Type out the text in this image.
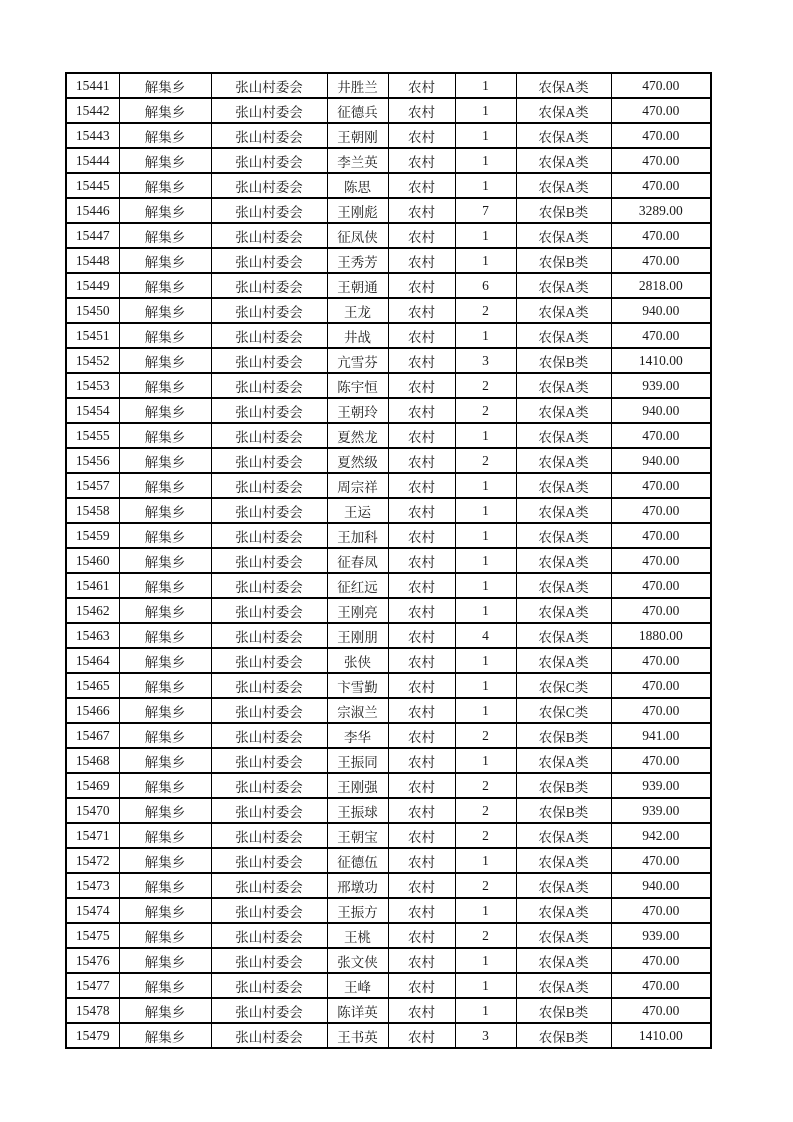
15441	解集乡	张山村委会	井胜兰	农村	1	农保A类	470.00
15442	解集乡	张山村委会	征德兵	农村	1	农保A类	470.00
15443	解集乡	张山村委会	王朝刚	农村	1	农保A类	470.00
15444	解集乡	张山村委会	李兰英	农村	1	农保A类	470.00
15445	解集乡	张山村委会	陈思	农村	1	农保A类	470.00
15446	解集乡	张山村委会	王刚彪	农村	7	农保B类	3289.00
15447	解集乡	张山村委会	征凤侠	农村	1	农保A类	470.00
15448	解集乡	张山村委会	王秀芳	农村	1	农保B类	470.00
15449	解集乡	张山村委会	王朝通	农村	6	农保A类	2818.00
15450	解集乡	张山村委会	王龙	农村	2	农保A类	940.00
15451	解集乡	张山村委会	井战	农村	1	农保A类	470.00
15452	解集乡	张山村委会	亢雪芬	农村	3	农保B类	1410.00
15453	解集乡	张山村委会	陈宇恒	农村	2	农保A类	939.00
15454	解集乡	张山村委会	王朝玲	农村	2	农保A类	940.00
15455	解集乡	张山村委会	夏然龙	农村	1	农保A类	470.00
15456	解集乡	张山村委会	夏然级	农村	2	农保A类	940.00
15457	解集乡	张山村委会	周宗祥	农村	1	农保A类	470.00
15458	解集乡	张山村委会	王运	农村	1	农保A类	470.00
15459	解集乡	张山村委会	王加科	农村	1	农保A类	470.00
15460	解集乡	张山村委会	征春凤	农村	1	农保A类	470.00
15461	解集乡	张山村委会	征红远	农村	1	农保A类	470.00
15462	解集乡	张山村委会	王刚亮	农村	1	农保A类	470.00
15463	解集乡	张山村委会	王刚朋	农村	4	农保A类	1880.00
15464	解集乡	张山村委会	张侠	农村	1	农保A类	470.00
15465	解集乡	张山村委会	卞雪勤	农村	1	农保C类	470.00
15466	解集乡	张山村委会	宗淑兰	农村	1	农保C类	470.00
15467	解集乡	张山村委会	李华	农村	2	农保B类	941.00
15468	解集乡	张山村委会	王振同	农村	1	农保A类	470.00
15469	解集乡	张山村委会	王刚强	农村	2	农保B类	939.00
15470	解集乡	张山村委会	王振球	农村	2	农保B类	939.00
15471	解集乡	张山村委会	王朝宝	农村	2	农保A类	942.00
15472	解集乡	张山村委会	征德伍	农村	1	农保A类	470.00
15473	解集乡	张山村委会	邢墩功	农村	2	农保A类	940.00
15474	解集乡	张山村委会	王振方	农村	1	农保A类	470.00
15475	解集乡	张山村委会	王桃	农村	2	农保A类	939.00
15476	解集乡	张山村委会	张文侠	农村	1	农保A类	470.00
15477	解集乡	张山村委会	王峰	农村	1	农保A类	470.00
15478	解集乡	张山村委会	陈详英	农村	1	农保B类	470.00
15479	解集乡	张山村委会	王书英	农村	3	农保B类	1410.00
